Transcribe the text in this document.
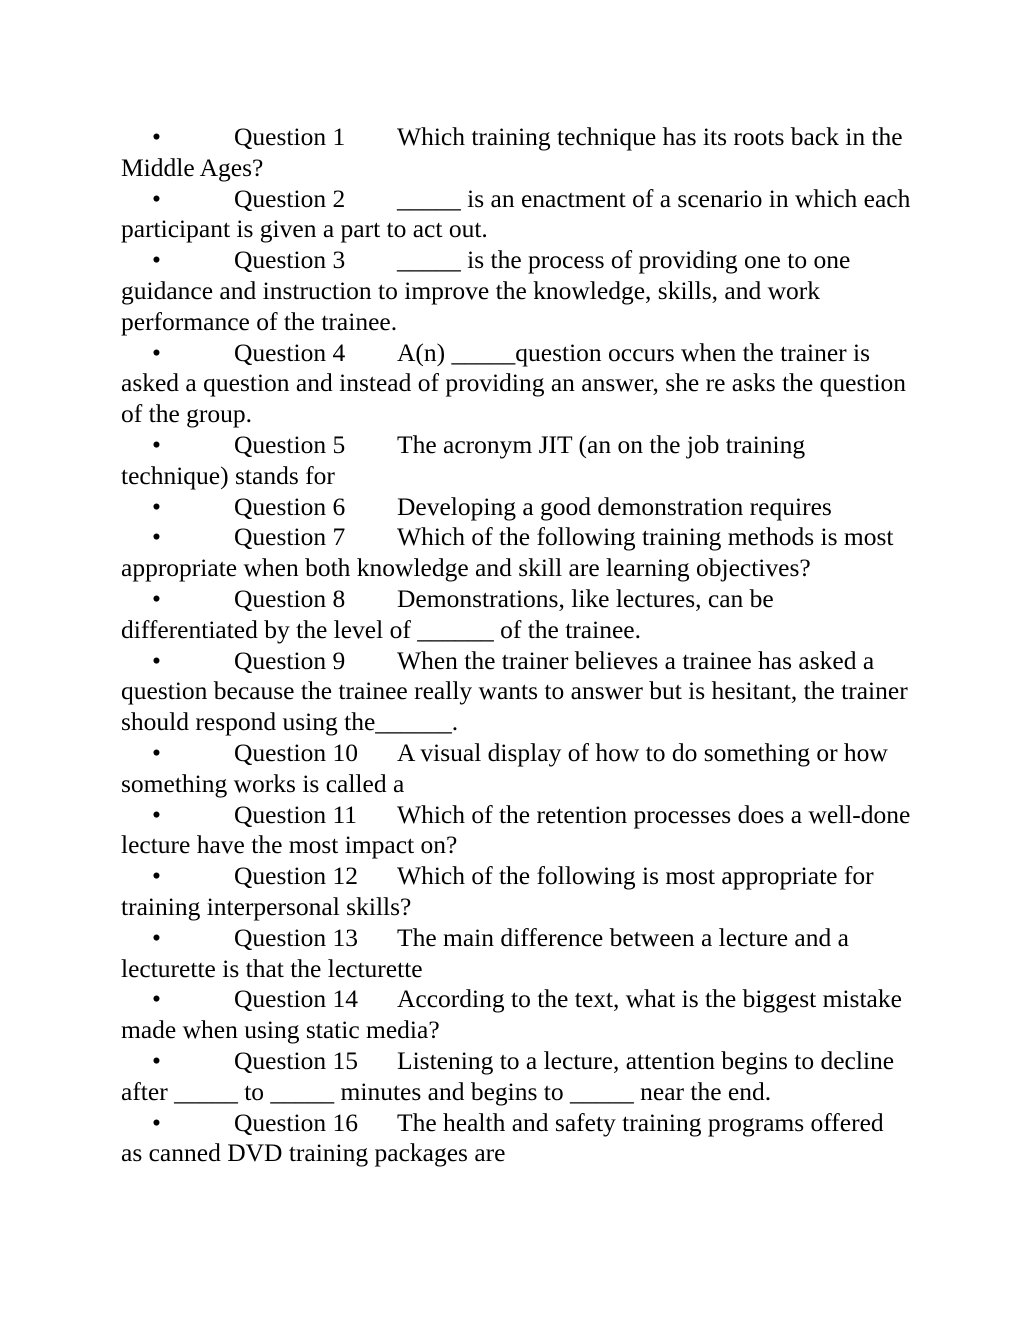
•	Question 1 Which training technique has its roots back in the Middle Ages?

•	Question 2 _____ is an enactment of a scenario in which each participant is given a part to act out.

•	Question 3 _____ is the process of providing one to one guidance and instruction to improve the knowledge, skills, and work performance of the trainee.

•	Question 4 A(n) _____question occurs when the trainer is asked a question and instead of providing an answer, she re asks the question of the group.

•	Question 5 The acronym JIT (an on the job training technique) stands for

•	Question 6 Developing a good demonstration requires

•	Question 7 Which of the following training methods is most appropriate when both knowledge and skill are learning objectives?

•	Question 8 Demonstrations, like lectures, can be differentiated by the level of ______ of the trainee.

•	Question 9 When the trainer believes a trainee has asked a question because the trainee really wants to answer but is hesitant, the trainer should respond using the______.

•	Question 10 A visual display of how to do something or how something works is called a

•	Question 11 Which of the retention processes does a well-done lecture have the most impact on?

•	Question 12 Which of the following is most appropriate for training interpersonal skills?

•	Question 13 The main difference between a lecture and a lecturette is that the lecturette

•	Question 14 According to the text, what is the biggest mistake made when using static media?

•	Question 15 Listening to a lecture, attention begins to decline after _____ to _____ minutes and begins to _____ near the end.

•	Question 16 The health and safety training programs offered as canned DVD training packages are
